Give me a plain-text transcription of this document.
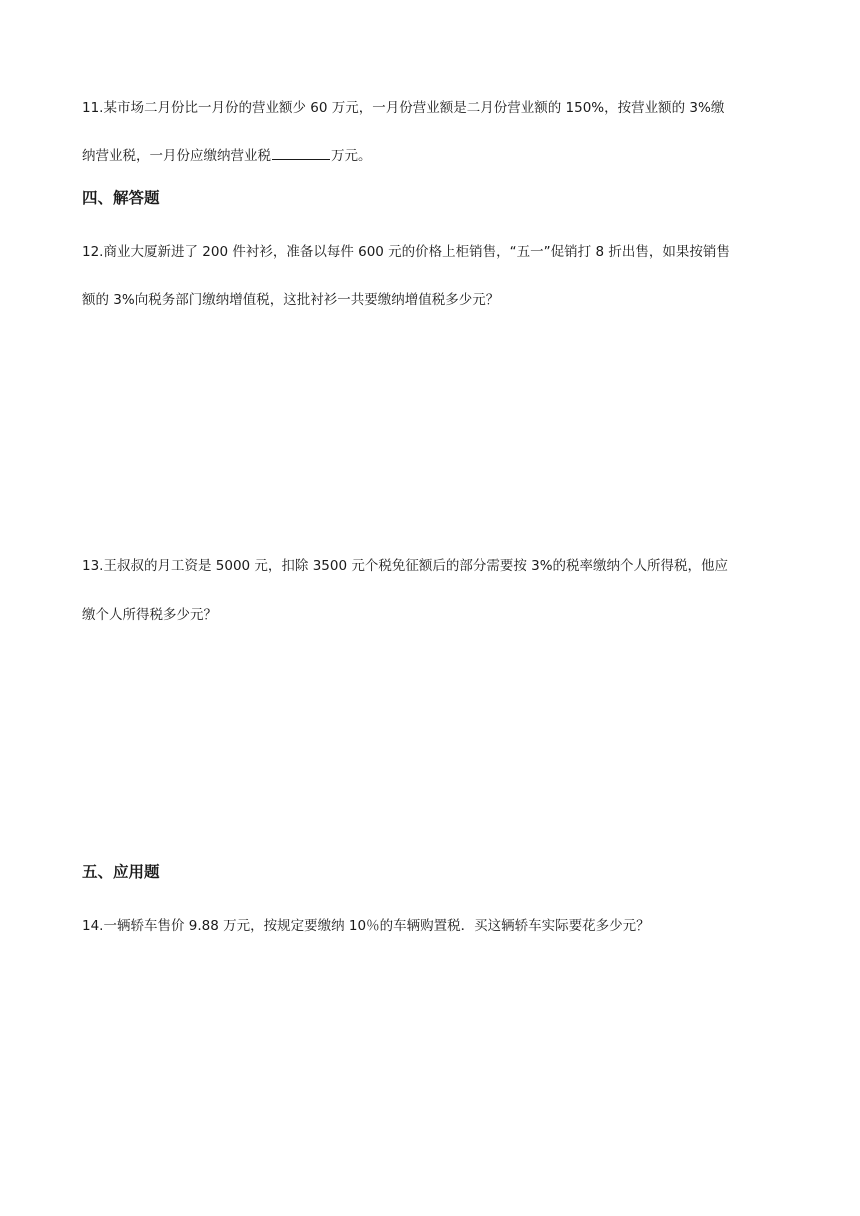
11.某市场二月份比一月份的营业额少 60 万元，一月份营业额是二月份营业额的 150%，按营业额的 3%缴
纳营业税，一月份应缴纳营业税	万元。
四、解答题
12.商业大厦新进了 200 件衬衫，准备以每件 600 元的价格上柜销售，“五一”促销打 8 折出售，如果按销售
额的 3%向税务部门缴纳增值税，这批衬衫一共要缴纳增值税多少元？
13.王叔叔的月工资是 5000 元，扣除 3500 元个税免征额后的部分需要按 3%的税率缴纳个人所得税，他应
缴个人所得税多少元？
五、应用题
14.一辆轿车售价 9.88 万元，按规定要缴纳 10％的车辆购置税．买这辆轿车实际要花多少元？
